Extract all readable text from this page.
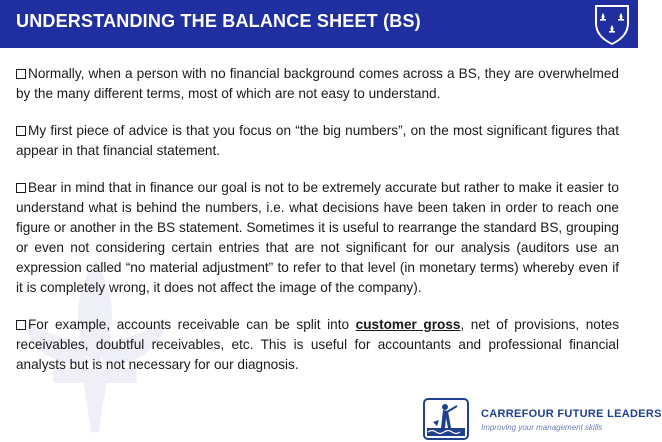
UNDERSTANDING THE BALANCE SHEET (BS)

Normally, when a person with no financial background comes across a BS, they are overwhelmed by the many different terms, most of which are not easy to understand.

My first piece of advice is that you focus on “the big numbers”, on the most significant figures that appear in that financial statement.

Bear in mind that in finance our goal is not to be extremely accurate but rather to make it easier to understand what is behind the numbers, i.e. what decisions have been taken in order to reach one figure or another in the BS statement. Sometimes it is useful to rearrange the standard BS, grouping or even not considering certain entries that are not significant for our analysis (auditors use an expression called “no material adjustment” to refer to that level (in monetary terms) whereby even if it is completely wrong, it does not affect the image of the company).

For example, accounts receivable can be split into customer gross, net of provisions, notes receivables, doubtful receivables, etc. This is useful for accountants and professional financial analysts but is not necessary for our diagnosis.

CARREFOUR FUTURE LEADERS
Improving your management skills
